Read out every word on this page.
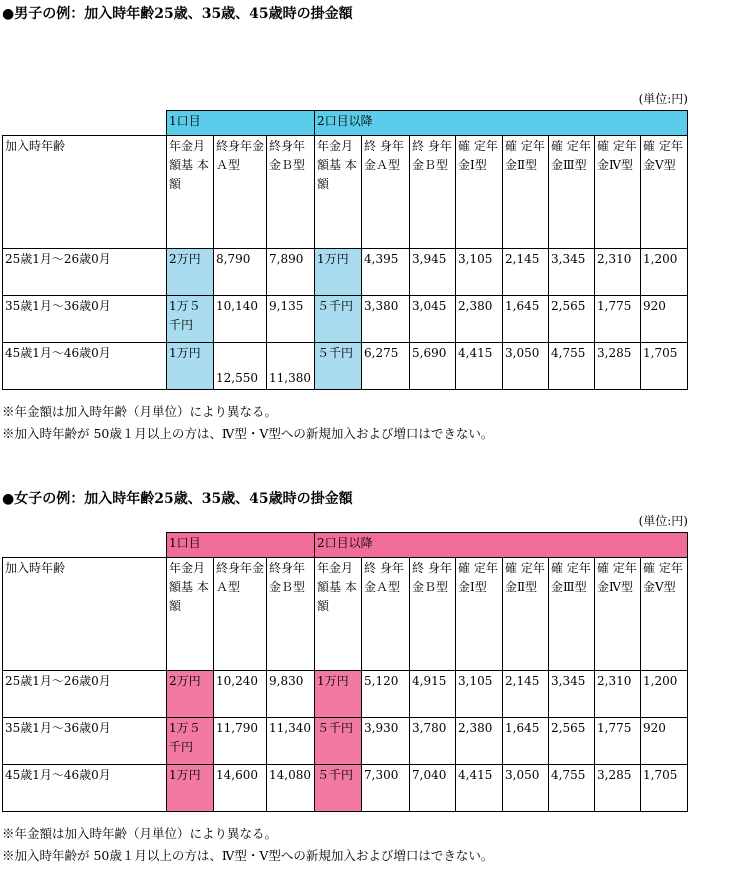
●男子の例：加入時年齢25歳、35歳、45歳時の掛金額
(単位:円)
	1口目			2口目以降							
加入時年齢	年金月額基 本額	終身年金Ａ型	終身年金Ｂ型	年金月額基 本額	終 身年金Ａ型	終 身年金Ｂ型	確 定年 金Ⅰ型	確 定年 金Ⅱ型	確 定年 金Ⅲ型	確 定年 金Ⅳ型	確 定年 金Ⅴ型
25歳1月～26歳0月	2万円	8,790	7,890	1万円	4,395	3,945	3,105	2,145	3,345	2,310	1,200
35歳1月～36歳0月	1万５千円	10,140	9,135	５千円	3,380	3,045	2,380	1,645	2,565	1,775	920
45歳1月～46歳0月	1万円	12,550	11,380	５千円	6,275	5,690	4,415	3,050	4,755	3,285	1,705
※年金額は加入時年齢（月単位）により異なる。
※加入時年齢が 50歳１月以上の方は、Ⅳ型・Ⅴ型への新規加入および増口はできない。
●女子の例：加入時年齢25歳、35歳、45歳時の掛金額
(単位:円)
	1口目			2口目以降							
加入時年齢	年金月額基 本額	終身年金Ａ型	終身年金Ｂ型	年金月額基 本額	終 身年金Ａ型	終 身年金Ｂ型	確 定年 金Ⅰ型	確 定年 金Ⅱ型	確 定年 金Ⅲ型	確 定年 金Ⅳ型	確 定年 金Ⅴ型
25歳1月～26歳0月	2万円	10,240	9,830	1万円	5,120	4,915	3,105	2,145	3,345	2,310	1,200
35歳1月～36歳0月	1万５千円	11,790	11,340	５千円	3,930	3,780	2,380	1,645	2,565	1,775	920
45歳1月～46歳0月	1万円	14,600	14,080	５千円	7,300	7,040	4,415	3,050	4,755	3,285	1,705
※年金額は加入時年齢（月単位）により異なる。
※加入時年齢が 50歳１月以上の方は、Ⅳ型・Ⅴ型への新規加入および増口はできない。
